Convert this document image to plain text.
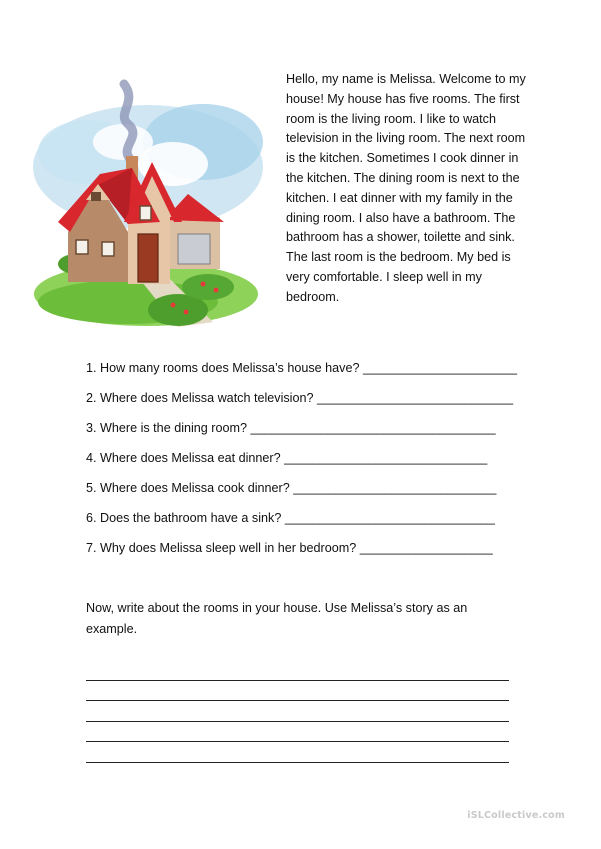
Hello, my name is Melissa. Welcome to my house! My house has five rooms. The first room is the living room. I like to watch television in the living room. The next room is the kitchen. Sometimes I cook dinner in the kitchen. The dining room is next to the kitchen. I eat dinner with my family in the dining room. I also have a bathroom. The bathroom has a shower, toilette and sink. The last room is the bedroom. My bed is very comfortable. I sleep well in my bedroom.

1. How many rooms does Melissa’s house have? ______________________
2. Where does Melissa watch television? ____________________________
3. Where is the dining room? ___________________________________
4. Where does Melissa eat dinner? _____________________________
5. Where does Melissa cook dinner? _____________________________
6. Does the bathroom have a sink? ______________________________
7. Why does Melissa sleep well in her bedroom? ___________________

Now, write about the rooms in your house. Use Melissa’s story as an example.

iSLCollective.com
